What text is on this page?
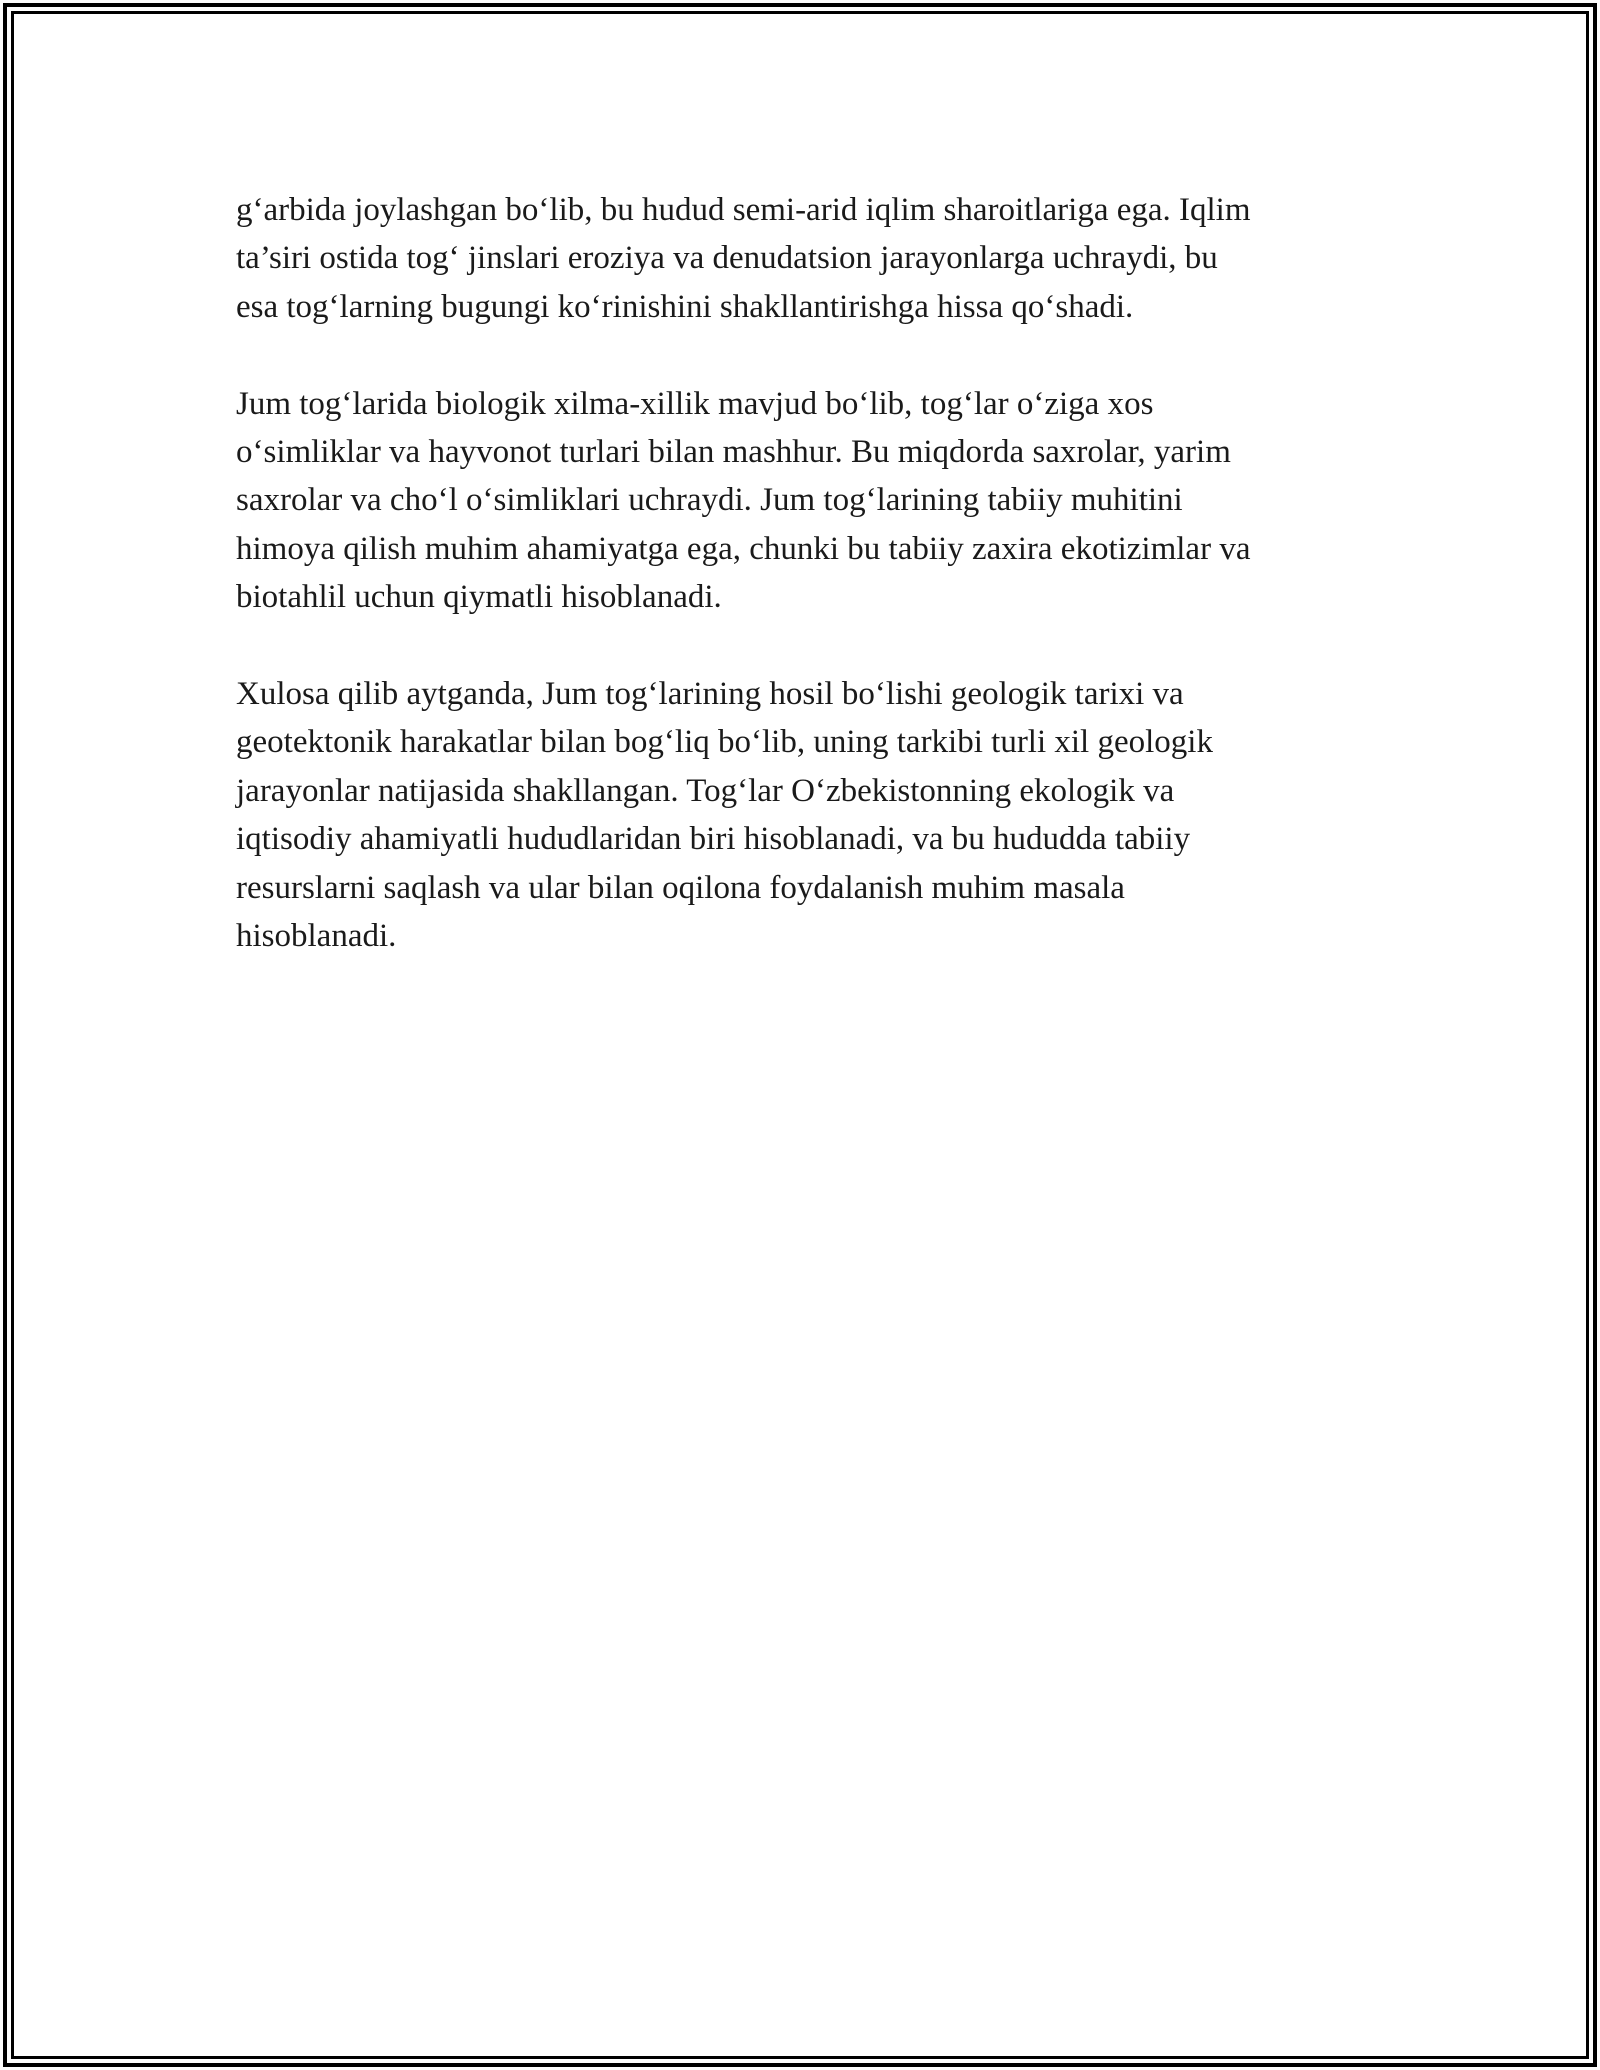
g‘arbida joylashgan bo‘lib, bu hudud semi-arid iqlim sharoitlariga ega. Iqlim
ta’siri ostida tog‘ jinslari eroziya va denudatsion jarayonlarga uchraydi, bu
esa tog‘larning bugungi ko‘rinishini shakllantirishga hissa qo‘shadi.

Jum tog‘larida biologik xilma-xillik mavjud bo‘lib, tog‘lar o‘ziga xos
o‘simliklar va hayvonot turlari bilan mashhur. Bu miqdorda saxrolar, yarim
saxrolar va cho‘l o‘simliklari uchraydi. Jum tog‘larining tabiiy muhitini
himoya qilish muhim ahamiyatga ega, chunki bu tabiiy zaxira ekotizimlar va
biotahlil uchun qiymatli hisoblanadi.

Xulosa qilib aytganda, Jum tog‘larining hosil bo‘lishi geologik tarixi va
geotektonik harakatlar bilan bog‘liq bo‘lib, uning tarkibi turli xil geologik
jarayonlar natijasida shakllangan. Tog‘lar O‘zbekistonning ekologik va
iqtisodiy ahamiyatli hududlaridan biri hisoblanadi, va bu hududda tabiiy
resurslarni saqlash va ular bilan oqilona foydalanish muhim masala
hisoblanadi.
